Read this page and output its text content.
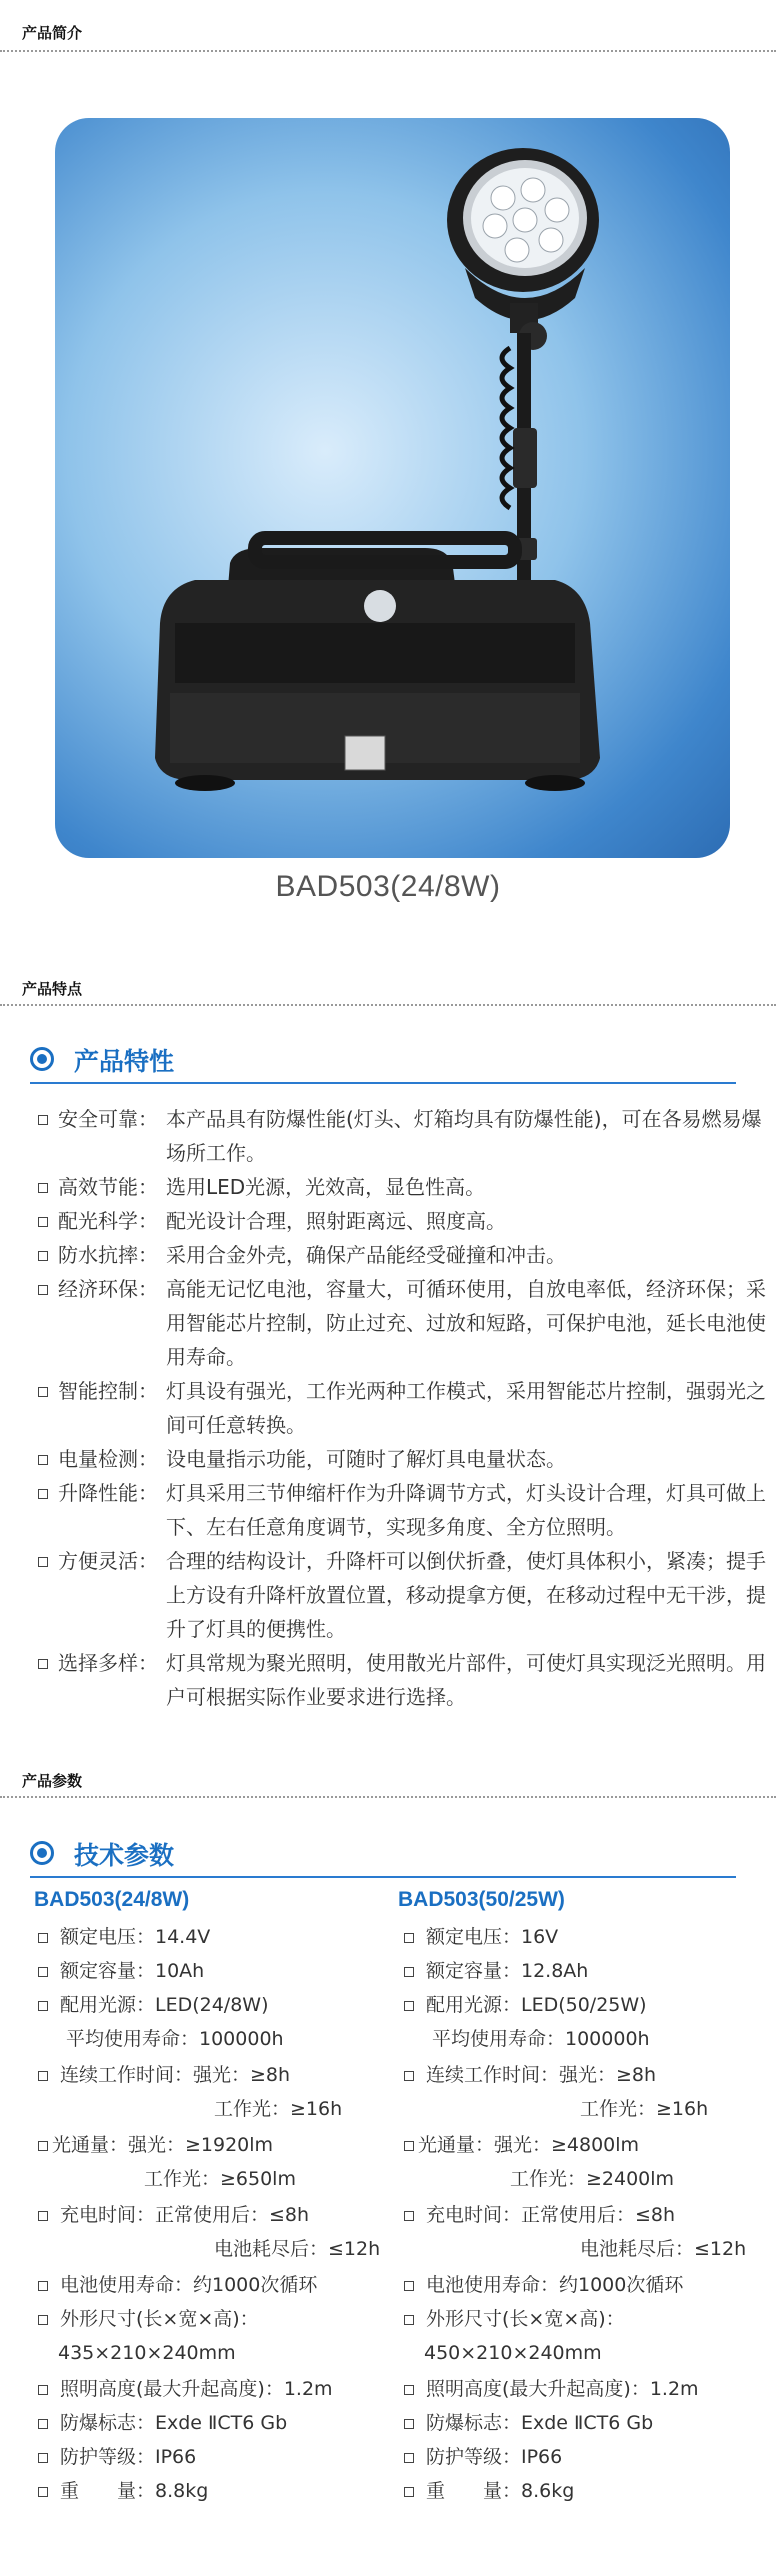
产品简介
BAD503(24/8W)
产品特点
产品特性
安全可靠： 本产品具有防爆性能(灯头、灯箱均具有防爆性能)，可在各易燃易爆场所工作。
高效节能： 选用LED光源，光效高，显色性高。
配光科学： 配光设计合理，照射距离远、照度高。
防水抗摔： 采用合金外壳，确保产品能经受碰撞和冲击。
经济环保： 高能无记忆电池，容量大，可循环使用，自放电率低，经济环保；采用智能芯片控制，防止过充、过放和短路，可保护电池，延长电池使用寿命。
智能控制： 灯具设有强光，工作光两种工作模式，采用智能芯片控制，强弱光之间可任意转换。
电量检测： 设电量指示功能，可随时了解灯具电量状态。
升降性能： 灯具采用三节伸缩杆作为升降调节方式，灯头设计合理，灯具可做上下、左右任意角度调节，实现多角度、全方位照明。
方便灵活： 合理的结构设计，升降杆可以倒伏折叠，使灯具体积小，紧凑；提手上方设有升降杆放置位置，移动提拿方便，在移动过程中无干涉，提升了灯具的便携性。
选择多样： 灯具常规为聚光照明，使用散光片部件，可使灯具实现泛光照明。用户可根据实际作业要求进行选择。
产品参数
技术参数
BAD503(24/8W)
额定电压：14.4V
额定容量：10Ah
配用光源：LED(24/8W)
平均使用寿命：100000h
连续工作时间：强光：≥8h
工作光：≥16h
光通量：强光：≥1920lm
工作光：≥650lm
充电时间：正常使用后：≤8h
电池耗尽后：≤12h
电池使用寿命：约1000次循环
外形尺寸(长×宽×高)：
435×210×240mm
照明高度(最大升起高度)：1.2m
防爆标志：Exde ⅡCT6 Gb
防护等级：IP66
重　　量：8.8kg
BAD503(50/25W)
额定电压：16V
额定容量：12.8Ah
配用光源：LED(50/25W)
平均使用寿命：100000h
连续工作时间：强光：≥8h
工作光：≥16h
光通量：强光：≥4800lm
工作光：≥2400lm
充电时间：正常使用后：≤8h
电池耗尽后：≤12h
电池使用寿命：约1000次循环
外形尺寸(长×宽×高)：
450×210×240mm
照明高度(最大升起高度)：1.2m
防爆标志：Exde ⅡCT6 Gb
防护等级：IP66
重　　量：8.6kg
